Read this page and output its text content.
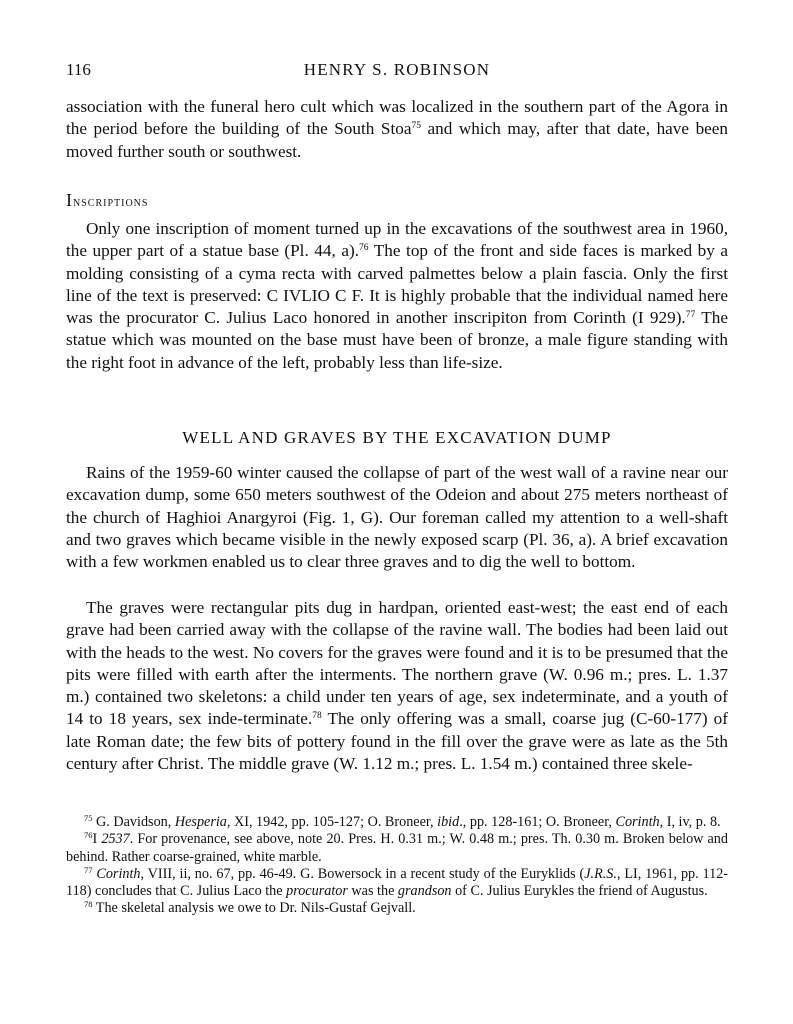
116	HENRY S. ROBINSON

association with the funeral hero cult which was localized in the southern part of the Agora in the period before the building of the South Stoa$^{75}$ and which may, after that date, have been moved further south or southwest.

Inscriptions

Only one inscription of moment turned up in the excavations of the southwest area in 1960, the upper part of a statue base (Pl. 44, a).$^{76}$ The top of the front and side faces is marked by a molding consisting of a cyma recta with carved palmettes below a plain fascia. Only the first line of the text is preserved: C IVLIO C F. It is highly probable that the individual named here was the procurator C. Julius Laco honored in another inscripiton from Corinth (I 929).$^{77}$ The statue which was mounted on the base must have been of bronze, a male figure standing with the right foot in advance of the left, probably less than life-size.

WELL AND GRAVES BY THE EXCAVATION DUMP

Rains of the 1959-60 winter caused the collapse of part of the west wall of a ravine near our excavation dump, some 650 meters southwest of the Odeion and about 275 meters northeast of the church of Haghioi Anargyroi (Fig. 1, G). Our foreman called my attention to a well-shaft and two graves which became visible in the newly exposed scarp (Pl. 36, a). A brief excavation with a few workmen enabled us to clear three graves and to dig the well to bottom.

The graves were rectangular pits dug in hardpan, oriented east-west; the east end of each grave had been carried away with the collapse of the ravine wall. The bodies had been laid out with the heads to the west. No covers for the graves were found and it is to be presumed that the pits were filled with earth after the interments. The northern grave (W. 0.96 m.; pres. L. 1.37 m.) contained two skeletons: a child under ten years of age, sex indeterminate, and a youth of 14 to 18 years, sex inde-terminate.$^{78}$ The only offering was a small, coarse jug (C-60-177) of late Roman date; the few bits of pottery found in the fill over the grave were as late as the 5th century after Christ. The middle grave (W. 1.12 m.; pres. L. 1.54 m.) contained three skele-

$^{75}$ G. Davidson, Hesperia, XI, 1942, pp. 105-127; O. Broneer, ibid., pp. 128-161; O. Broneer, Corinth, I, iv, p. 8.

$^{76}$I 2537. For provenance, see above, note 20. Pres. H. 0.31 m.; W. 0.48 m.; pres. Th. 0.30 m. Broken below and behind. Rather coarse-grained, white marble.

$^{77}$ Corinth, VIII, ii, no. 67, pp. 46-49. G. Bowersock in a recent study of the Euryklids (J.R.S., LI, 1961, pp. 112-118) concludes that C. Julius Laco the procurator was the grandson of C. Julius Eurykles the friend of Augustus.

$^{78}$ The skeletal analysis we owe to Dr. Nils-Gustaf Gejvall.
